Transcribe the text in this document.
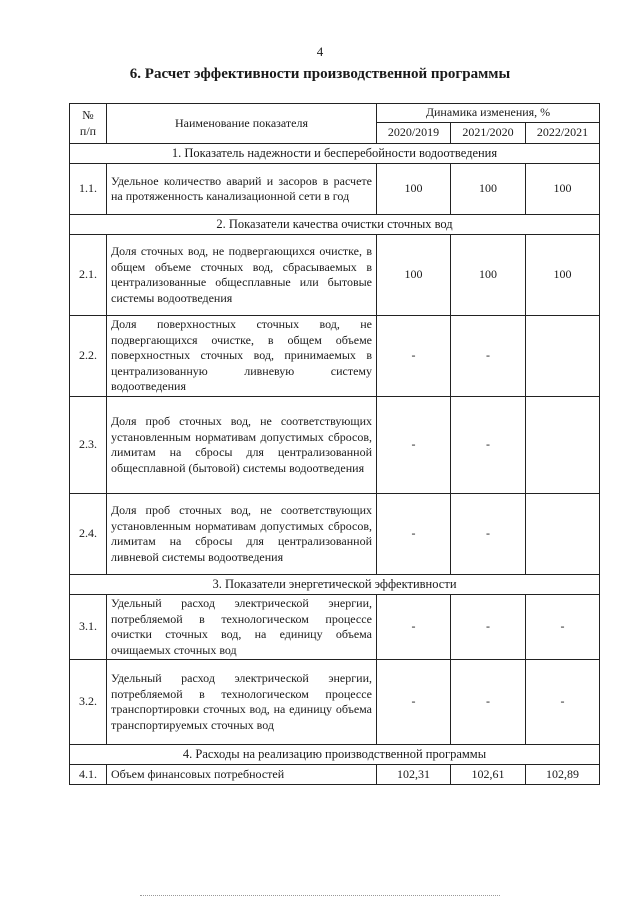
4
6. Расчет эффективности производственной программы
№
п/п	Наименование показателя	Динамика изменения, %		
		2020/2019	2021/2020	2022/2021
1. Показатель надежности и бесперебойности водоотведения				
1.1.	Удельное количество аварий и засоров в расчете на протяженность канализационной сети в год	100	100	100
2. Показатели качества очистки сточных вод				
2.1.	Доля сточных вод, не подвергающихся очистке, в общем объеме сточных вод, сбрасываемых в централизованные общесплавные или бытовые системы водоотведения	100	100	100
2.2.	Доля поверхностных сточных вод, не подвергающихся очистке, в общем объеме поверхностных сточных вод, принимаемых в централизованную ливневую систему водоотведения	-	-	
2.3.	Доля проб сточных вод, не соответствующих установленным нормативам допустимых сбросов, лимитам на сбросы для централизованной общесплавной (бытовой) системы водоотведения	-	-	
2.4.	Доля проб сточных вод, не соответствующих установленным нормативам допустимых сбросов, лимитам на сбросы для централизованной ливневой системы водоотведения	-	-	
3. Показатели энергетической эффективности				
3.1.	Удельный расход электрической энергии, потребляемой в технологическом процессе очистки сточных вод, на единицу объема очищаемых сточных вод	-	-	-
3.2.	Удельный расход электрической энергии, потребляемой в технологическом процессе транспортировки сточных вод, на единицу объема транспортируемых сточных вод	-	-	-
4. Расходы на реализацию производственной программы				
4.1.	Объем финансовых потребностей	102,31	102,61	102,89
